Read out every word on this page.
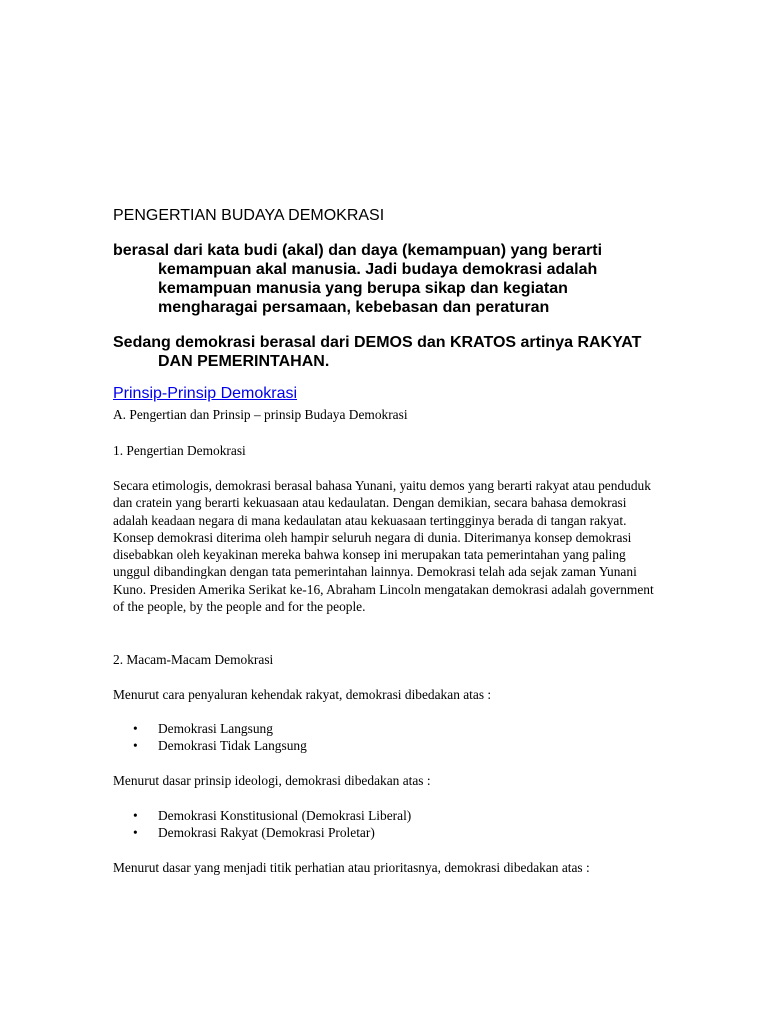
PENGERTIAN BUDAYA DEMOKRASI

berasal dari kata budi (akal) dan daya (kemampuan) yang berarti kemampuan akal manusia. Jadi budaya demokrasi adalah kemampuan manusia yang berupa sikap dan kegiatan mengharagai persamaan, kebebasan dan peraturan

Sedang demokrasi berasal dari DEMOS dan KRATOS artinya RAKYAT DAN PEMERINTAHAN.

Prinsip-Prinsip Demokrasi

A. Pengertian dan Prinsip – prinsip Budaya Demokrasi

1. Pengertian Demokrasi

Secara etimologis, demokrasi berasal bahasa Yunani, yaitu demos yang berarti rakyat atau penduduk dan cratein yang berarti kekuasaan atau kedaulatan. Dengan demikian, secara bahasa demokrasi adalah keadaan negara di mana kedaulatan atau kekuasaan tertingginya berada di tangan rakyat. Konsep demokrasi diterima oleh hampir seluruh negara di dunia. Diterimanya konsep demokrasi disebabkan oleh keyakinan mereka bahwa konsep ini merupakan tata pemerintahan yang paling unggul dibandingkan dengan tata pemerintahan lainnya. Demokrasi telah ada sejak zaman Yunani Kuno. Presiden Amerika Serikat ke-16, Abraham Lincoln mengatakan demokrasi adalah government of the people, by the people and for the people.

2. Macam-Macam Demokrasi

Menurut cara penyaluran kehendak rakyat, demokrasi dibedakan atas :

• Demokrasi Langsung
• Demokrasi Tidak Langsung

Menurut dasar prinsip ideologi, demokrasi dibedakan atas :

• Demokrasi Konstitusional (Demokrasi Liberal)
• Demokrasi Rakyat (Demokrasi Proletar)

Menurut dasar yang menjadi titik perhatian atau prioritasnya, demokrasi dibedakan atas :
